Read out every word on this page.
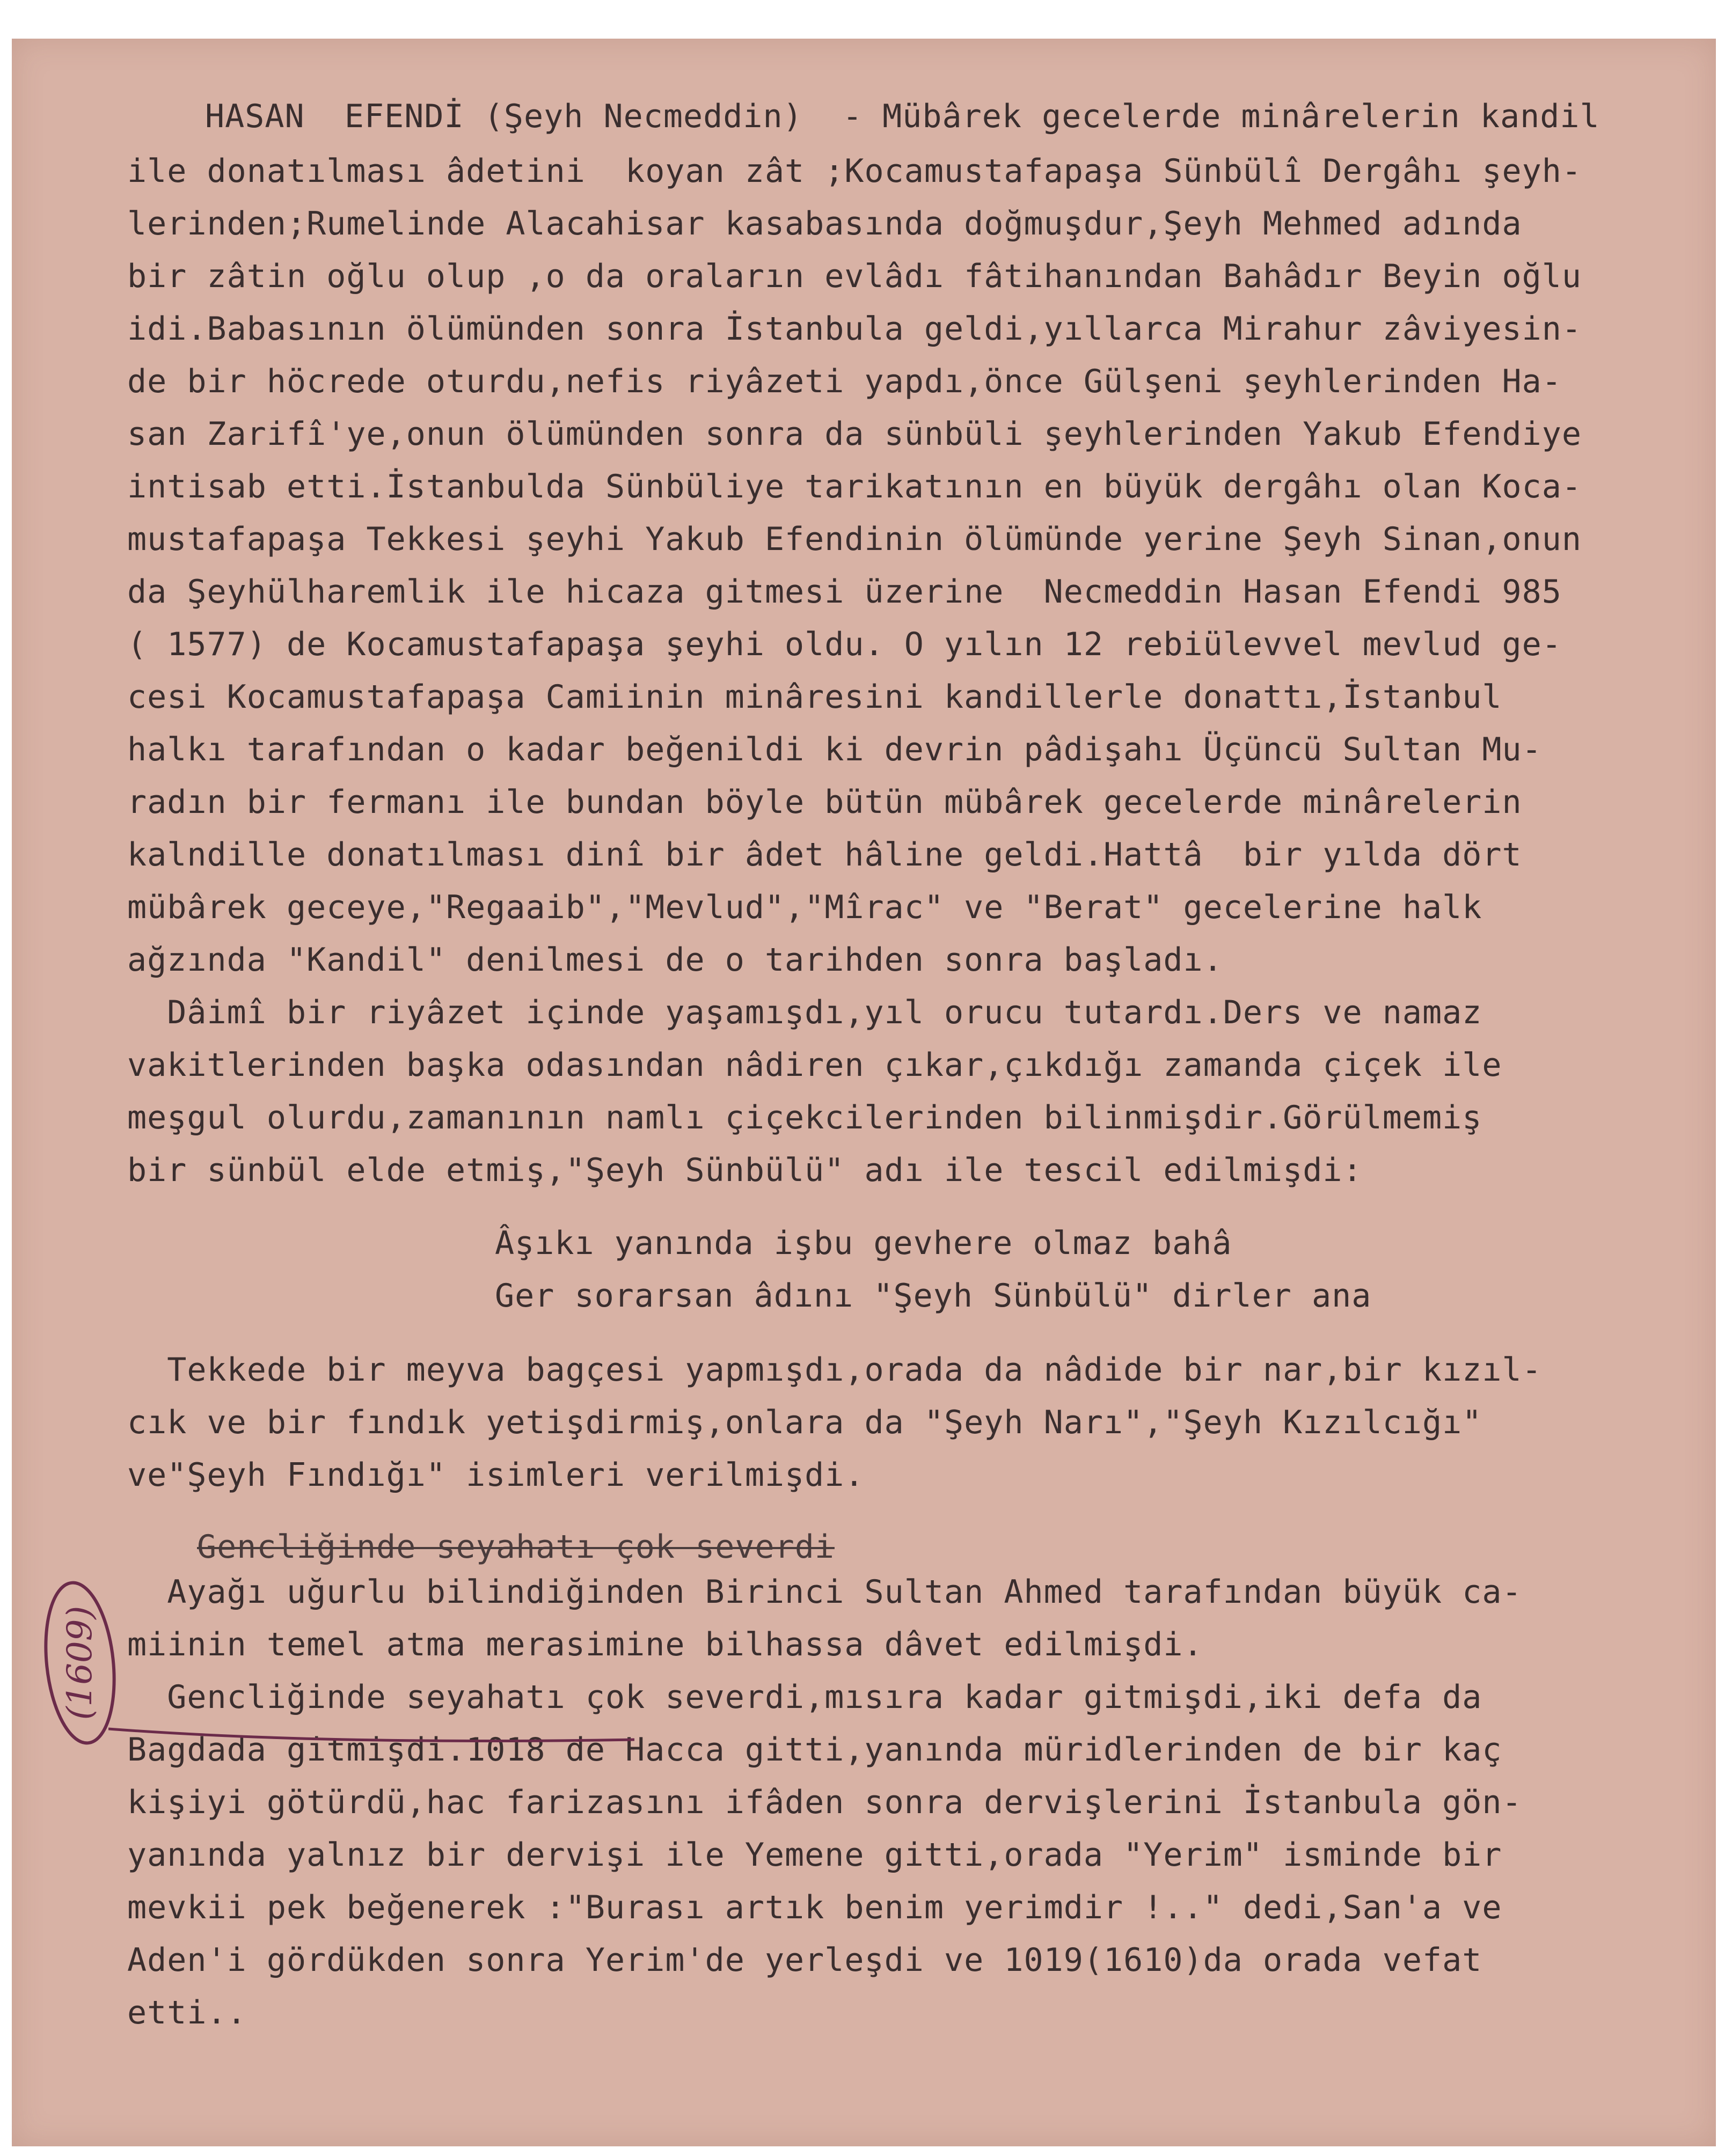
HASAN  EFENDİ (Şeyh Necmeddin)  - Mübârek gecelerde minârelerin kandil

ile donatılması âdetini  koyan zât ;Kocamustafapaşa Sünbülî Dergâhı şeyh-

lerinden;Rumelinde Alacahisar kasabasında doğmuşdur,Şeyh Mehmed adında

bir zâtin oğlu olup ,o da oraların evlâdı fâtihanından Bahâdır Beyin oğlu

idi.Babasının ölümünden sonra İstanbula geldi,yıllarca Mirahur zâviyesin-

de bir höcrede oturdu,nefis riyâzeti yapdı,önce Gülşeni şeyhlerinden Ha-

san Zarifî'ye,onun ölümünden sonra da sünbüli şeyhlerinden Yakub Efendiye

intisab etti.İstanbulda Sünbüliye tarikatının en büyük dergâhı olan Koca-

mustafapaşa Tekkesi şeyhi Yakub Efendinin ölümünde yerine Şeyh Sinan,onun

da Şeyhülharemlik ile hicaza gitmesi üzerine  Necmeddin Hasan Efendi 985

( 1577) de Kocamustafapaşa şeyhi oldu. O yılın 12 rebiülevvel mevlud ge-

cesi Kocamustafapaşa Camiinin minâresini kandillerle donattı,İstanbul

halkı tarafından o kadar beğenildi ki devrin pâdişahı Üçüncü Sultan Mu-

radın bir fermanı ile bundan böyle bütün mübârek gecelerde minârelerin

kalndille donatılması dinî bir âdet hâline geldi.Hattâ  bir yılda dört

mübârek geceye,"Regaaib","Mevlud","Mîrac" ve "Berat" gecelerine halk

ağzında "Kandil" denilmesi de o tarihden sonra başladı.

Dâimî bir riyâzet içinde yaşamışdı,yıl orucu tutardı.Ders ve namaz

vakitlerinden başka odasından nâdiren çıkar,çıkdığı zamanda çiçek ile

meşgul olurdu,zamanının namlı çiçekcilerinden bilinmişdir.Görülmemiş

bir sünbül elde etmiş,"Şeyh Sünbülü" adı ile tescil edilmişdi:

Âşıkı yanında işbu gevhere olmaz bahâ

Ger sorarsan âdını "Şeyh Sünbülü" dirler ana

Tekkede bir meyva bagçesi yapmışdı,orada da nâdide bir nar,bir kızıl-

cık ve bir fındık yetişdirmiş,onlara da "Şeyh Narı","Şeyh Kızılcığı"

ve"Şeyh Fındığı" isimleri verilmişdi.

Gencliğinde seyahatı çok severdi

Ayağı uğurlu bilindiğinden Birinci Sultan Ahmed tarafından büyük ca-

miinin temel atma merasimine bilhassa dâvet edilmişdi.

Gencliğinde seyahatı çok severdi,mısıra kadar gitmişdi,iki defa da

Bagdada gitmişdi.1018 de Hacca gitti,yanında müridlerinden de bir kaç

kişiyi götürdü,hac farizasını ifâden sonra dervişlerini İstanbula gön-

yanında yalnız bir dervişi ile Yemene gitti,orada "Yerim" isminde bir

mevkii pek beğenerek :"Burası artık benim yerimdir !.." dedi,San'a ve

Aden'i gördükden sonra Yerim'de yerleşdi ve 1019(1610)da orada vefat

etti..

(1609)
